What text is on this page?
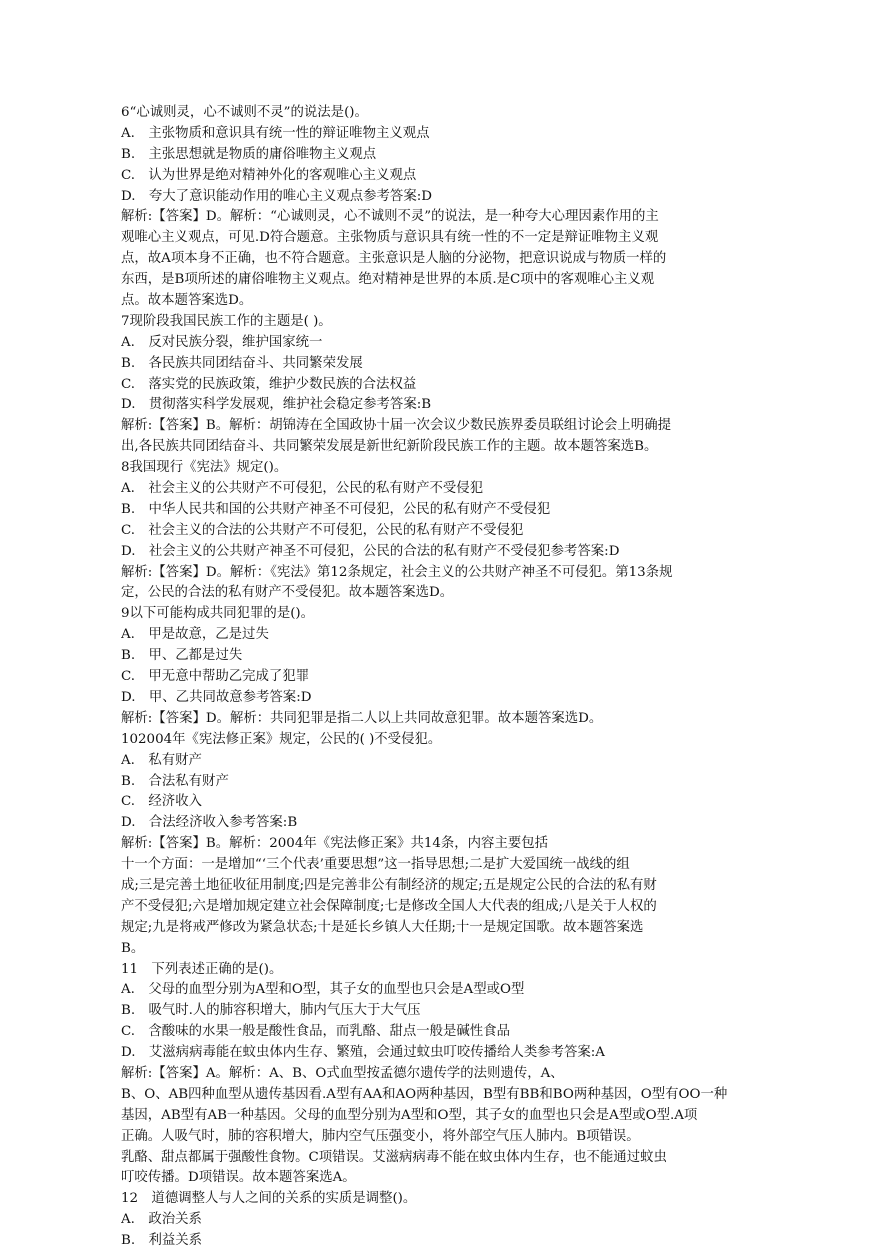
6“心诚则灵，心不诚则不灵”的说法是()。
A.　主张物质和意识具有统一性的辩证唯物主义观点
B.　主张思想就是物质的庸俗唯物主义观点
C.　认为世界是绝对精神外化的客观唯心主义观点
D.　夸大了意识能动作用的唯心主义观点参考答案:D
解析:【答案】D。解析：“心诚则灵，心不诚则不灵”的说法，是一种夸大心理因素作用的主
观唯心主义观点，可见.D符合题意。主张物质与意识具有统一性的不一定是辩证唯物主义观
点，故A项本身不正确，也不符合题意。主张意识是人脑的分泌物，把意识说成与物质一样的
东西，是B项所述的庸俗唯物主义观点。绝对精神是世界的本质.是C项中的客观唯心主义观
点。故本题答案选D。
7现阶段我国民族工作的主题是( )。
A.　反对民族分裂，维护国家统一
B.　各民族共同团结奋斗、共同繁荣发展
C.　落实党的民族政策，维护少数民族的合法权益
D.　贯彻落实科学发展观，维护社会稳定参考答案:B
解析:【答案】B。解析：胡锦涛在全国政协十届一次会议少数民族界委员联组讨论会上明确提
出,各民族共同团结奋斗、共同繁荣发展是新世纪新阶段民族工作的主题。故本题答案选B。
8我国现行《宪法》规定()。
A.　社会主义的公共财产不可侵犯，公民的私有财产不受侵犯
B.　中华人民共和国的公共财产神圣不可侵犯，公民的私有财产不受侵犯
C.　社会主义的合法的公共财产不可侵犯，公民的私有财产不受侵犯
D.　社会主义的公共财产神圣不可侵犯，公民的合法的私有财产不受侵犯参考答案:D
解析:【答案】D。解析：《宪法》第12条规定，社会主义的公共财产神圣不可侵犯。第13条规
定，公民的合法的私有财产不受侵犯。故本题答案选D。
9以下可能构成共同犯罪的是()。
A.　甲是故意，乙是过失
B.　甲、乙都是过失
C.　甲无意中帮助乙完成了犯罪
D.　甲、乙共同故意参考答案:D
解析:【答案】D。解析：共同犯罪是指二人以上共同故意犯罪。故本题答案选D。
102004年《宪法修正案》规定，公民的( )不受侵犯。
A.　私有财产
B.　合法私有财产
C.　经济收入
D.　合法经济收入参考答案:B
解析:【答案】B。解析：2004年《宪法修正案》共14条，内容主要包括
十一个方面：一是增加“‘三个代表’重要思想”这一指导思想;二是扩大爱国统一战线的组
成;三是完善土地征收征用制度;四是完善非公有制经济的规定;五是规定公民的合法的私有财
产不受侵犯;六是增加规定建立社会保障制度;七是修改全国人大代表的组成;八是关于人权的
规定;九是将戒严修改为紧急状态;十是延长乡镇人大任期;十一是规定国歌。故本题答案选
B。
11　下列表述正确的是()。
A.　父母的血型分别为A型和O型，其子女的血型也只会是A型或O型
B.　吸气时.人的肺容积增大，肺内气压大于大气压
C.　含酸味的水果一般是酸性食品，而乳酪、甜点一般是碱性食品
D.　艾滋病病毒能在蚊虫体内生存、繁殖，会通过蚊虫叮咬传播给人类参考答案:A
解析:【答案】A。解析：A、B、O式血型按孟德尔遗传学的法则遗传，A、
B、O、AB四种血型从遗传基因看.A型有AA和AO两种基因，B型有BB和BO两种基因，O型有OO一种
基因，AB型有AB一种基因。父母的血型分别为A型和O型，其子女的血型也只会是A型或O型.A项
正确。人吸气时，肺的容积增大，肺内空气压强变小，将外部空气压人肺内。B项错误。
乳酪、甜点都属于强酸性食物。C项错误。艾滋病病毒不能在蚊虫体内生存，也不能通过蚊虫
叮咬传播。D项错误。故本题答案选A。
12　道德调整人与人之间的关系的实质是调整()。
A.　政治关系
B.　利益关系
